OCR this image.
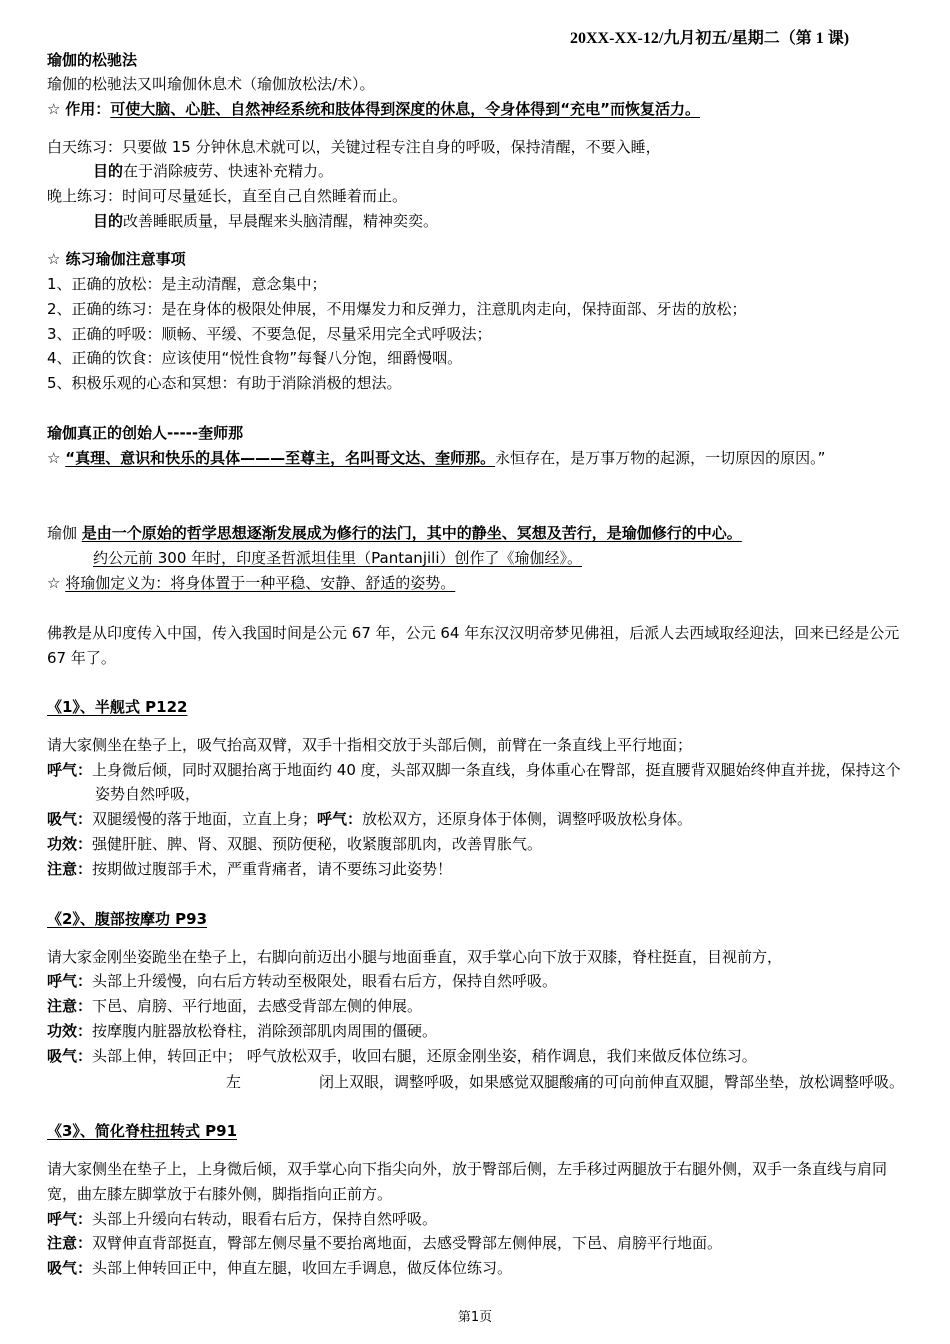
20XX-XX-12/九月初五/星期二（第 1 课)
瑜伽的松驰法
瑜伽的松驰法又叫瑜伽休息术（瑜伽放松法/术）。
☆ 作用：可使大脑、心脏、自然神经系统和肢体得到深度的休息，令身体得到“充电”而恢复活力。
白天练习：只要做 15 分钟休息术就可以，关键过程专注自身的呼吸，保持清醒，不要入睡，
目的在于消除疲劳、快速补充精力。
晚上练习：时间可尽量延长，直至自己自然睡着而止。
目的改善睡眠质量，早晨醒来头脑清醒，精神奕奕。
☆ 练习瑜伽注意事项
1、正确的放松：是主动清醒，意念集中；
2、正确的练习：是在身体的极限处伸展，不用爆发力和反弹力，注意肌肉走向，保持面部、牙齿的放松；
3、正确的呼吸：顺畅、平缓、不要急促，尽量采用完全式呼吸法；
4、正确的饮食：应该使用“悦性食物”每餐八分饱，细爵慢咽。
5、积极乐观的心态和冥想：有助于消除消极的想法。
瑜伽真正的创始人-----奎师那
☆ “真理、意识和快乐的具体———至尊主，名叫哥文达、奎师那。永恒存在，是万事万物的起源，一切原因的原因。”
瑜伽 是由一个原始的哲学思想逐渐发展成为修行的法门，其中的静坐、冥想及苦行，是瑜伽修行的中心。
约公元前 300 年时，印度圣哲派坦佳里（Pantanjili）创作了《瑜伽经》。
☆ 将瑜伽定义为：将身体置于一种平稳、安静、舒适的姿势。
佛教是从印度传入中国，传入我国时间是公元 67 年，公元 64 年东汉汉明帝梦见佛祖，后派人去西域取经迎法，回来已经是公元 67 年了。
《1》、半舰式 P122
请大家侧坐在垫子上，吸气抬高双臂，双手十指相交放于头部后侧，前臂在一条直线上平行地面；
呼气：上身微后倾，同时双腿抬离于地面约 40 度，头部双脚一条直线，身体重心在臀部，挺直腰背双腿始终伸直并拢，保持这个姿势自然呼吸，
吸气：双腿缓慢的落于地面，立直上身；呼气：放松双方，还原身体于体侧，调整呼吸放松身体。
功效：强健肝脏、脾、肾、双腿、预防便秘，收紧腹部肌肉，改善胃胀气。
注意：按期做过腹部手术，严重背痛者，请不要练习此姿势！
《2》、腹部按摩功 P93
请大家金刚坐姿跪坐在垫子上，右脚向前迈出小腿与地面垂直，双手掌心向下放于双膝，脊柱挺直，目视前方，
呼气：头部上升缓慢，向右后方转动至极限处，眼看右后方，保持自然呼吸。
注意：下邑、肩膀、平行地面，去感受背部左侧的伸展。
功效：按摩腹内脏器放松脊柱，消除颈部肌肉周围的僵硬。
吸气：头部上伸，转回正中； 呼气放松双手，收回右腿，还原金刚坐姿，稍作调息，我们来做反体位练习。
左	闭上双眼，调整呼吸，如果感觉双腿酸痛的可向前伸直双腿，臀部坐垫，放松调整呼吸。
《3》、简化脊柱扭转式 P91
请大家侧坐在垫子上，上身微后倾，双手掌心向下指尖向外，放于臀部后侧，左手移过两腿放于右腿外侧，双手一条直线与肩同宽，曲左膝左脚掌放于右膝外侧，脚指指向正前方。
呼气：头部上升缓向右转动，眼看右后方，保持自然呼吸。
注意：双臂伸直背部挺直，臀部左侧尽量不要抬离地面，去感受臀部左侧伸展，下邑、肩膀平行地面。
吸气：头部上伸转回正中，伸直左腿，收回左手调息，做反体位练习。
第1页
